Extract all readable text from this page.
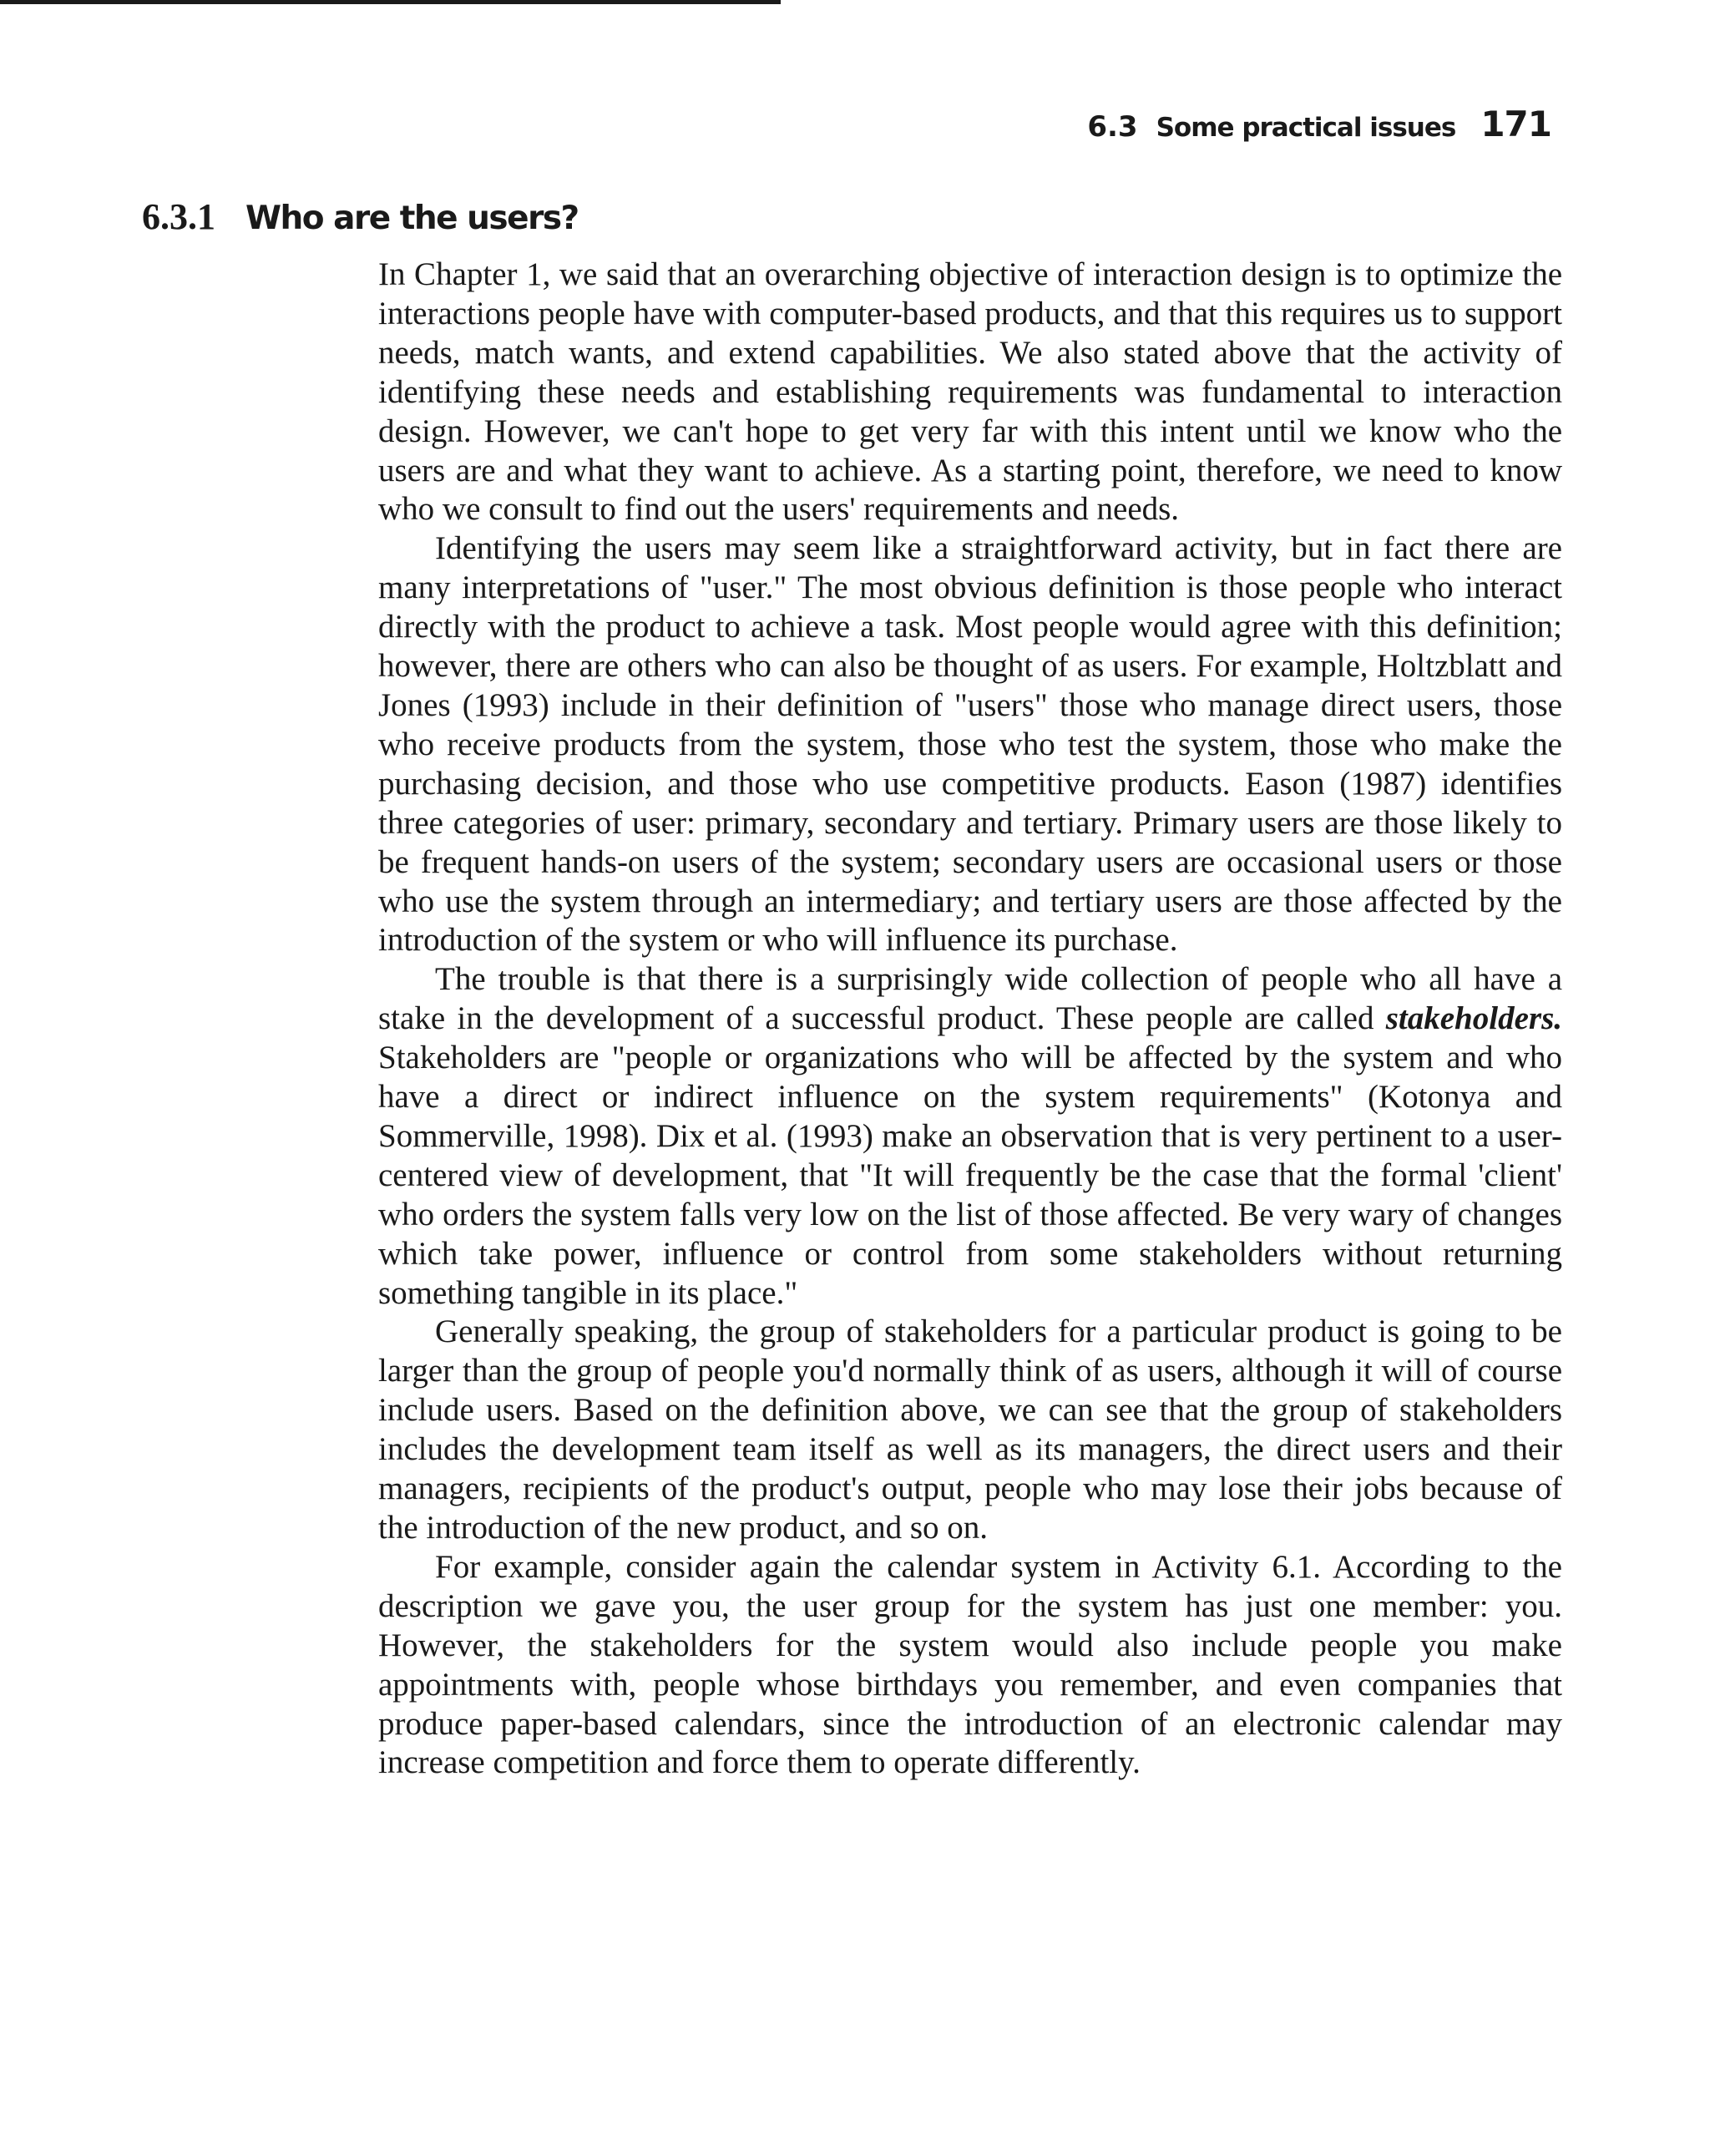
6.3 Some practical issues 171
6.3.1 Who are the users?

In Chapter 1, we said that an overarching objective of interaction design is to optimize the interactions people have with computer-based products, and that this requires us to support needs, match wants, and extend capabilities. We also stated above that the activity of identifying these needs and establishing requirements was fundamental to interaction design. However, we can't hope to get very far with this intent until we know who the users are and what they want to achieve. As a starting point, therefore, we need to know who we consult to find out the users' requirements and needs.

Identifying the users may seem like a straightforward activity, but in fact there are many interpretations of "user." The most obvious definition is those people who interact directly with the product to achieve a task. Most people would agree with this definition; however, there are others who can also be thought of as users. For example, Holtzblatt and Jones (1993) include in their definition of "users" those who manage direct users, those who receive products from the system, those who test the system, those who make the purchasing decision, and those who use competitive products. Eason (1987) identifies three categories of user: primary, secondary and tertiary. Primary users are those likely to be frequent hands-on users of the system; secondary users are occasional users or those who use the system through an intermediary; and tertiary users are those affected by the introduction of the system or who will influence its purchase.

The trouble is that there is a surprisingly wide collection of people who all have a stake in the development of a successful product. These people are called stakeholders. Stakeholders are "people or organizations who will be affected by the system and who have a direct or indirect influence on the system requirements" (Kotonya and Sommerville, 1998). Dix et al. (1993) make an observation that is very pertinent to a user-centered view of development, that "It will frequently be the case that the formal 'client' who orders the system falls very low on the list of those affected. Be very wary of changes which take power, influence or control from some stakeholders without returning something tangible in its place."

Generally speaking, the group of stakeholders for a particular product is going to be larger than the group of people you'd normally think of as users, although it will of course include users. Based on the definition above, we can see that the group of stakeholders includes the development team itself as well as its managers, the direct users and their managers, recipients of the product's output, people who may lose their jobs because of the introduction of the new product, and so on.

For example, consider again the calendar system in Activity 6.1. According to the description we gave you, the user group for the system has just one member: you. However, the stakeholders for the system would also include people you make appointments with, people whose birthdays you remember, and even companies that produce paper-based calendars, since the introduction of an electronic calendar may increase competition and force them to operate differently.
